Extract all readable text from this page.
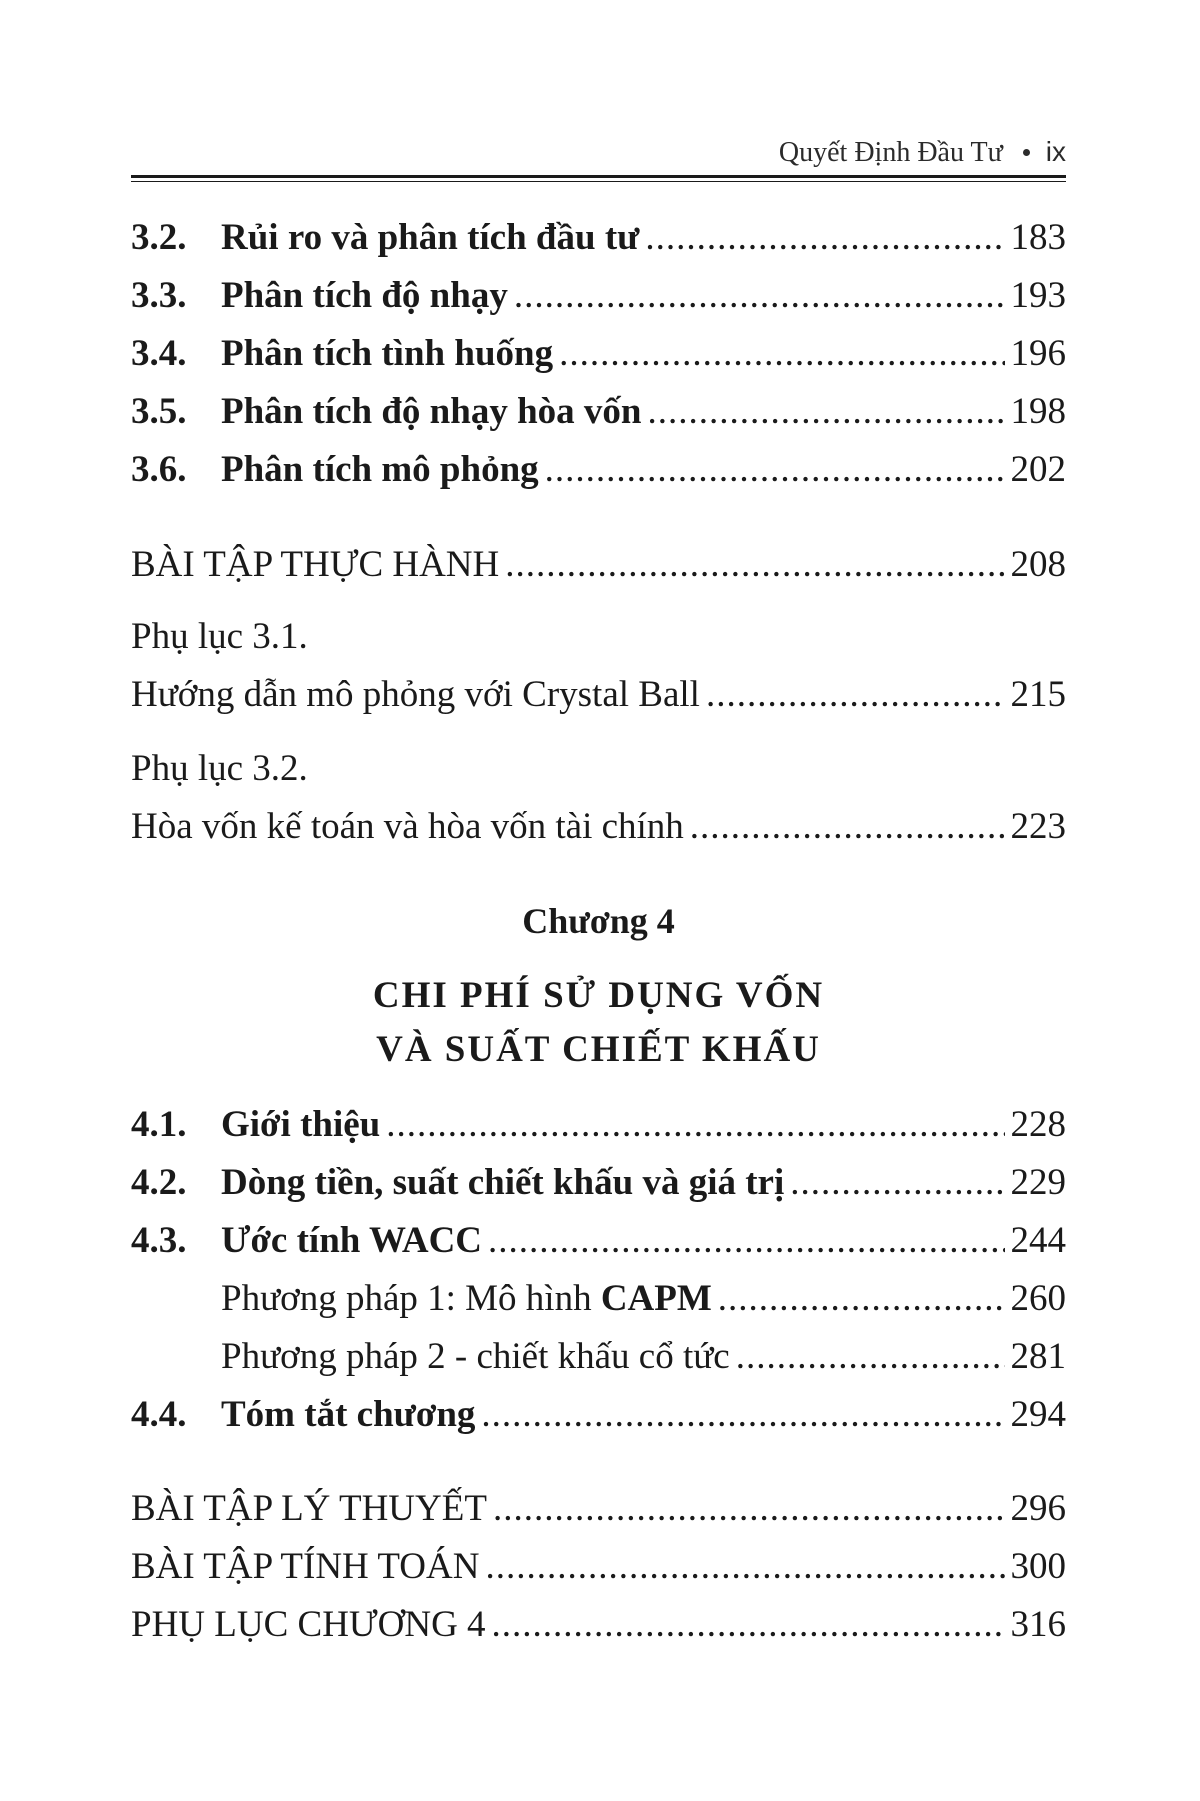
Quyết Định Đầu Tư ix
3.2. Rủi ro và phân tích đầu tư .....	183
3.3. Phân tích độ nhạy .....	193
3.4. Phân tích tình huống .....	196
3.5. Phân tích độ nhạy hòa vốn .....	198
3.6. Phân tích mô phỏng .....	202
BÀI TẬP THỰC HÀNH .....	208
Phụ lục 3.1.
Hướng dẫn mô phỏng với Crystal Ball .....	215
Phụ lục 3.2.
Hòa vốn kế toán và hòa vốn tài chính .....	223
Chương 4
CHI PHÍ SỬ DỤNG VỐN
VÀ SUẤT CHIẾT KHẤU
4.1. Giới thiệu .....	228
4.2. Dòng tiền, suất chiết khấu và giá trị .....	229
4.3. Ước tính WACC .....	244
Phương pháp 1: Mô hình CAPM .....	260
Phương pháp 2 - chiết khấu cổ tức .....	281
4.4. Tóm tắt chương .....	294
BÀI TẬP LÝ THUYẾT .....	296
BÀI TẬP TÍNH TOÁN .....	300
PHỤ LỤC CHƯƠNG 4 .....	316
